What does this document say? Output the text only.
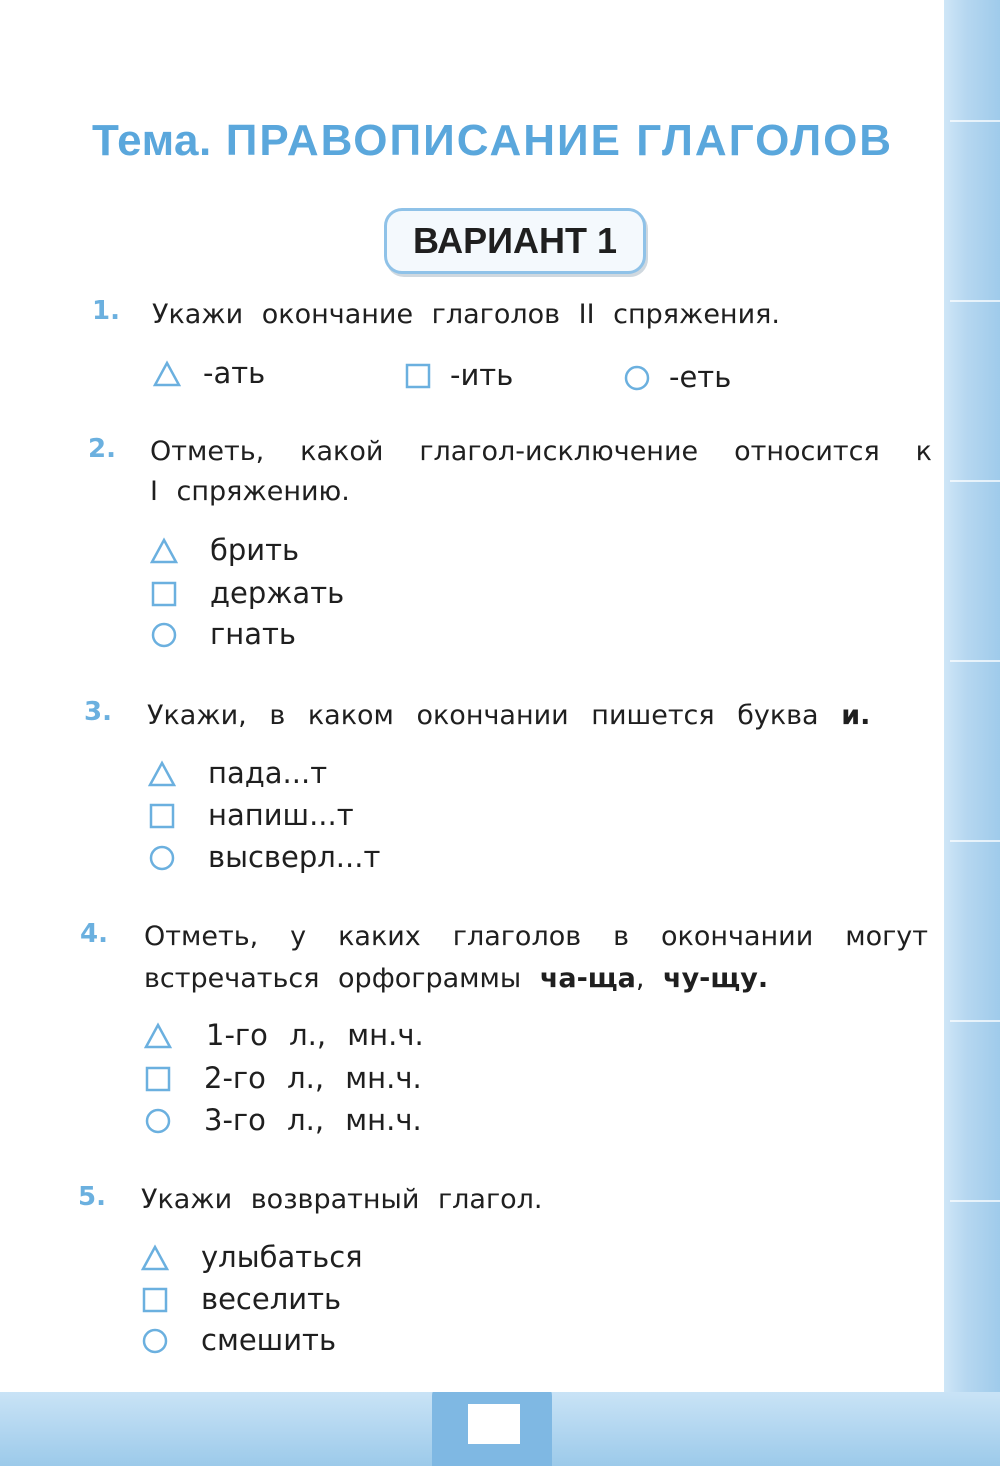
Тема. ПРАВОПИСАНИЕ ГЛАГОЛОВ
ВАРИАНТ 1
1. Укажи окончание глаголов II спряжения.
-ать	-ить	-еть
2. Отметь, какой глагол-исключение относится к
I спряжению.
брить
держать
гнать
3. Укажи, в каком окончании пишется буква и.
пада...т
напиш...т
высверл...т
4. Отметь, у каких глаголов в окончании могут
встречаться орфограммы ча-ща, чу-щу.
1-го л., мн.ч.
2-го л., мн.ч.
3-го л., мн.ч.
5. Укажи возвратный глагол.
улыбаться
веселить
смешить
